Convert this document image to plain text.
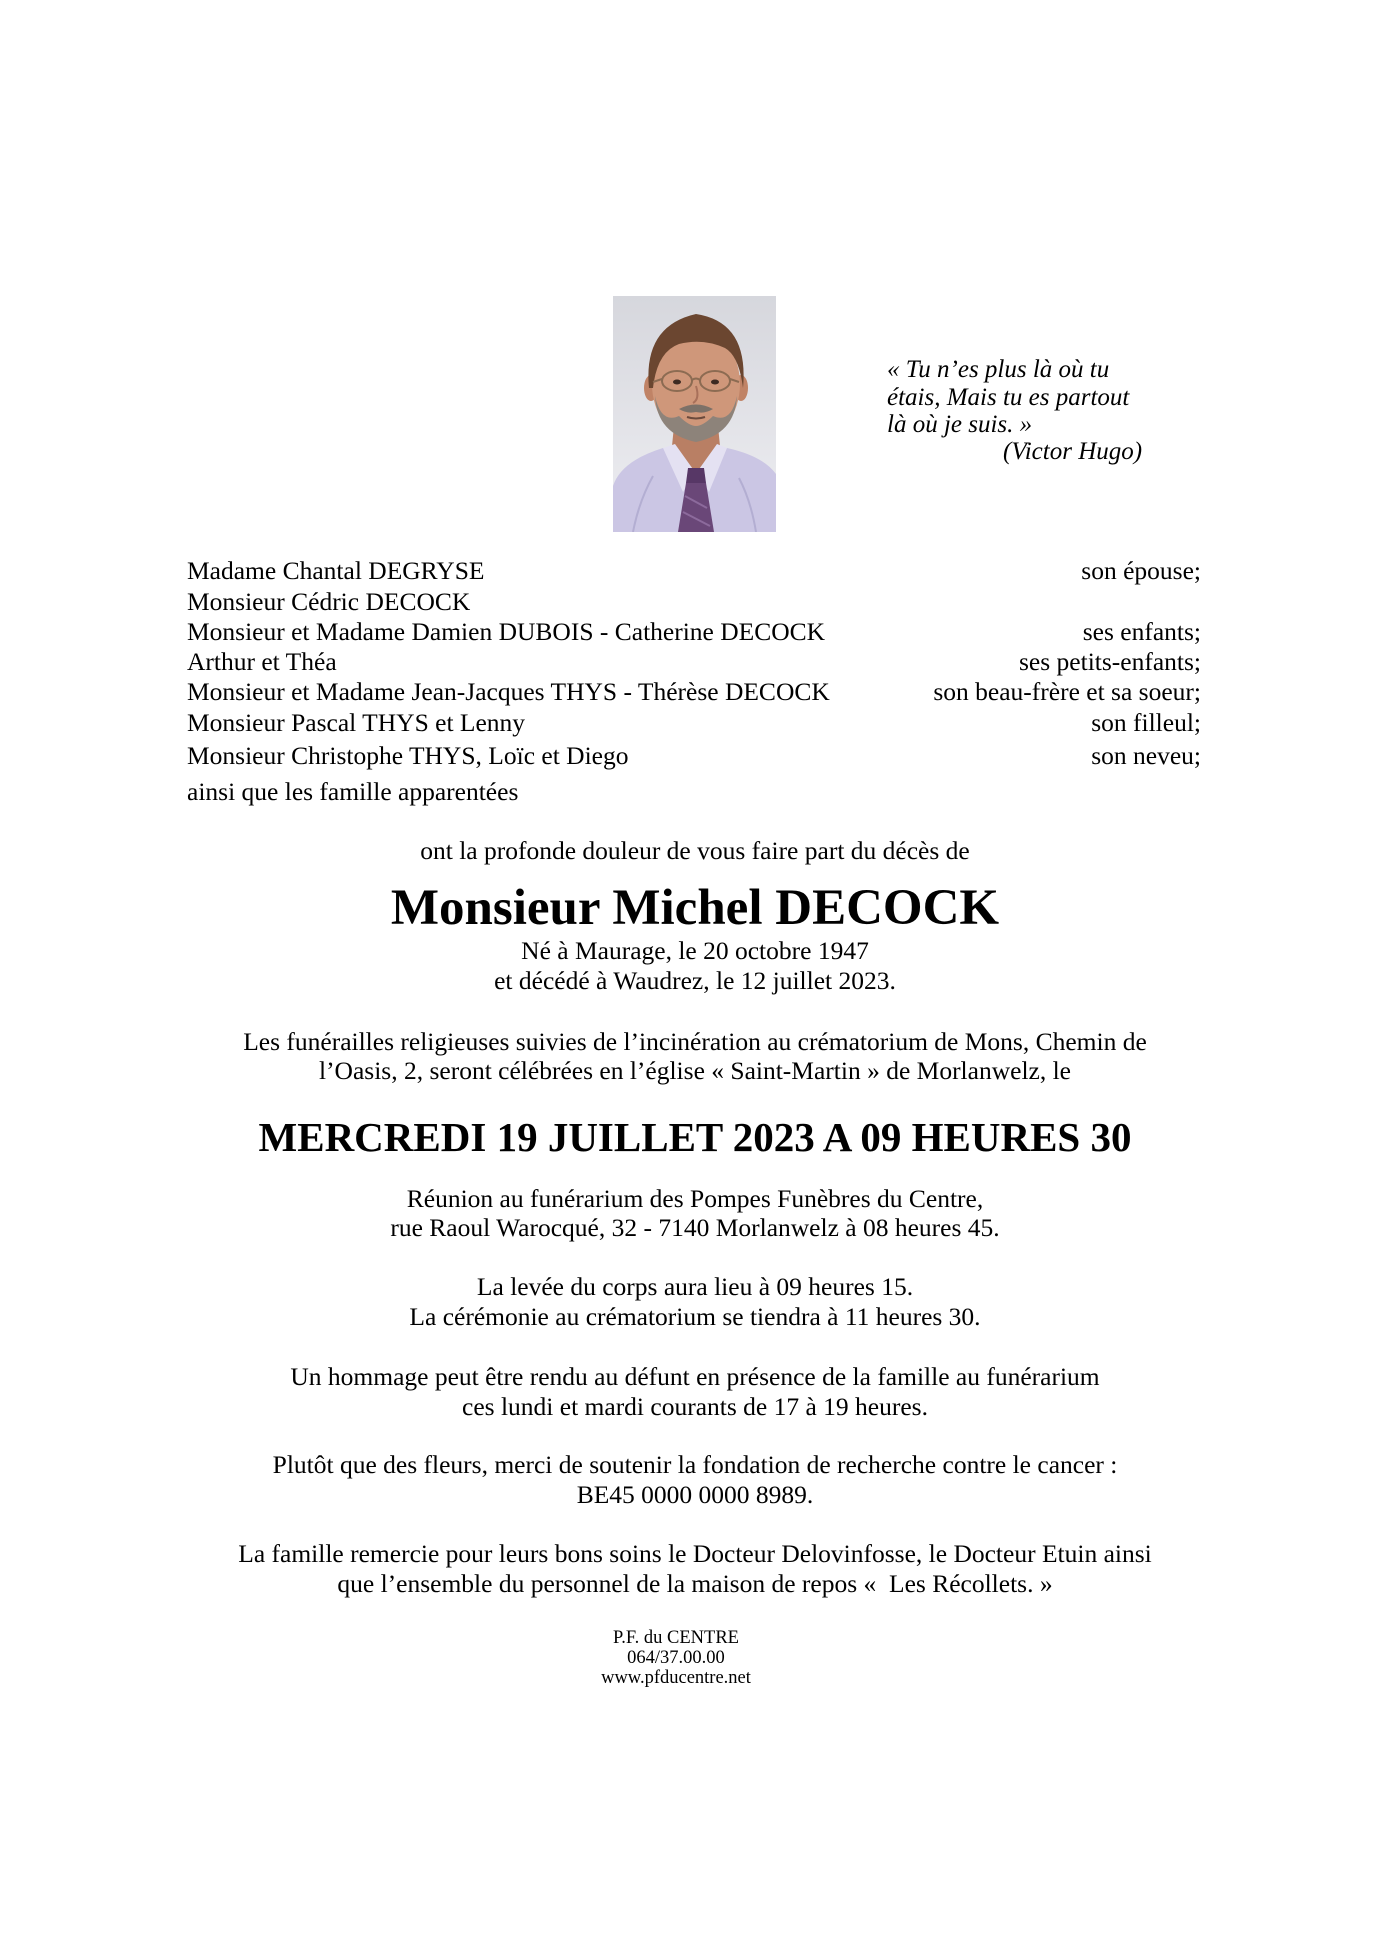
« Tu n’es plus là où tu
étais, Mais tu es partout
là où je suis. »
(Victor Hugo)
Madame Chantal DEGRYSE	son épouse;
Monsieur Cédric DECOCK
Monsieur et Madame Damien DUBOIS - Catherine DECOCK	ses enfants;
Arthur et Théa	ses petits-enfants;
Monsieur et Madame Jean-Jacques THYS - Thérèse DECOCK	son beau-frère et sa soeur;
Monsieur Pascal THYS et Lenny	son filleul;
Monsieur Christophe THYS, Loïc et Diego	son neveu;
ainsi que les famille apparentées
ont la profonde douleur de vous faire part du décès de
Monsieur Michel DECOCK
Né à Maurage, le 20 octobre 1947
et décédé à Waudrez, le 12 juillet 2023.
Les funérailles religieuses suivies de l’incinération au crématorium de Mons, Chemin de
l’Oasis, 2, seront célébrées en l’église « Saint-Martin » de Morlanwelz, le
MERCREDI 19 JUILLET 2023 A 09 HEURES 30
Réunion au funérarium des Pompes Funèbres du Centre,
rue Raoul Warocqué, 32 - 7140 Morlanwelz à 08 heures 45.
La levée du corps aura lieu à 09 heures 15.
La cérémonie au crématorium se tiendra à 11 heures 30.
Un hommage peut être rendu au défunt en présence de la famille au funérarium
ces lundi et mardi courants de 17 à 19 heures.
Plutôt que des fleurs, merci de soutenir la fondation de recherche contre le cancer :
BE45 0000 0000 8989.
La famille remercie pour leurs bons soins le Docteur Delovinfosse, le Docteur Etuin ainsi
que l’ensemble du personnel de la maison de repos «  Les Récollets. »
P.F. du CENTRE
064/37.00.00
www.pfducentre.net
